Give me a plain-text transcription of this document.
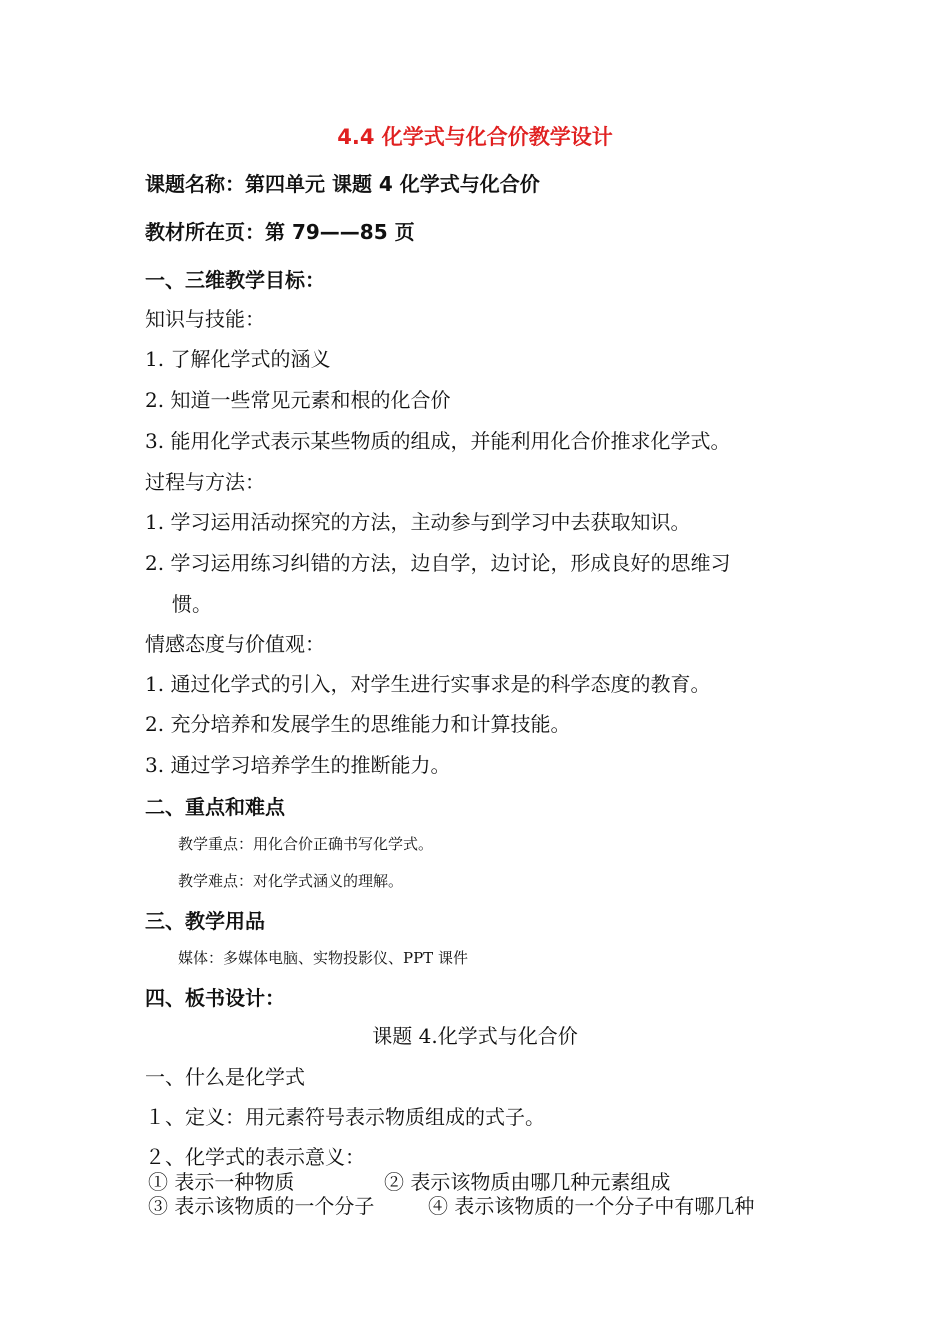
4.4 化学式与化合价教学设计
课题名称：第四单元 课题 4 化学式与化合价
教材所在页：第 79——85 页
一、三维教学目标：
知识与技能：
1. 了解化学式的涵义
2. 知道一些常见元素和根的化合价
3. 能用化学式表示某些物质的组成，并能利用化合价推求化学式。
过程与方法：
1. 学习运用活动探究的方法，主动参与到学习中去获取知识。
2. 学习运用练习纠错的方法，边自学，边讨论，形成良好的思维习
惯。
情感态度与价值观：
1. 通过化学式的引入，对学生进行实事求是的科学态度的教育。
2. 充分培养和发展学生的思维能力和计算技能。
3. 通过学习培养学生的推断能力。
二、重点和难点
教学重点：用化合价正确书写化学式。
教学难点：对化学式涵义的理解。
三、教学用品
媒体：多媒体电脑、实物投影仪、PPT 课件
四、板书设计：
课题 4.化学式与化合价
一、什么是化学式
１、定义：用元素符号表示物质组成的式子。
２、化学式的表示意义：
① 表示一种物质	② 表示该物质由哪几种元素组成
③ 表示该物质的一个分子	④ 表示该物质的一个分子中有哪几种
